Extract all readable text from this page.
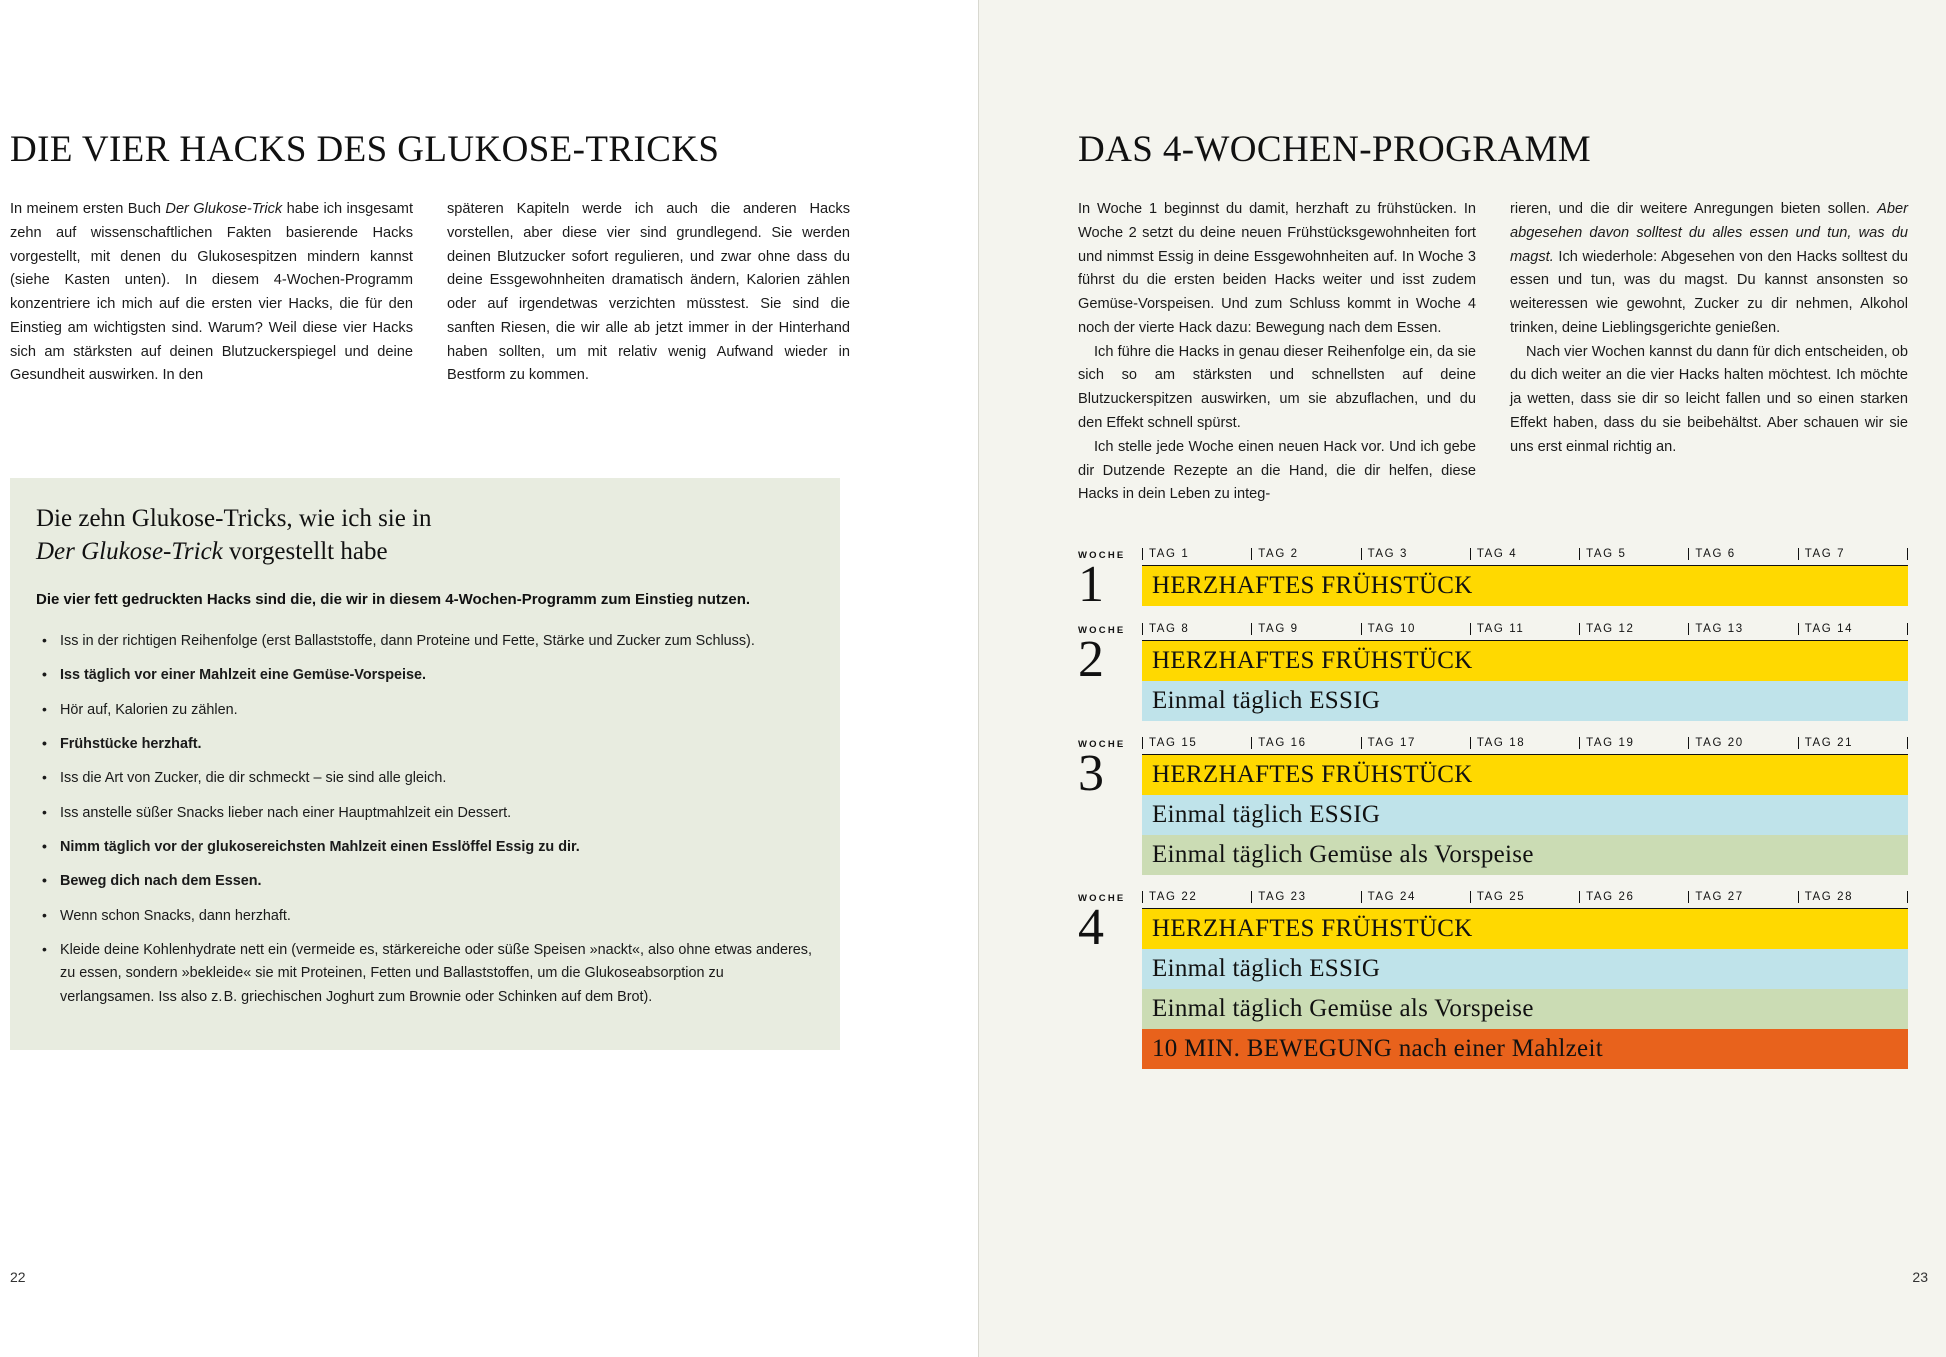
DIE VIER HACKS DES GLUKOSE-TRICKS

In meinem ersten Buch Der Glukose-Trick habe ich insgesamt zehn auf wissenschaftlichen Fakten basierende Hacks vorgestellt, mit denen du Glukosespitzen mindern kannst (siehe Kasten unten). In diesem 4-Wochen-Programm konzentriere ich mich auf die ersten vier Hacks, die für den Einstieg am wichtigsten sind. Warum? Weil diese vier Hacks sich am stärksten auf deinen Blutzuckerspiegel und deine Gesundheit auswirken. In den

späteren Kapiteln werde ich auch die anderen Hacks vorstellen, aber diese vier sind grundlegend. Sie werden deinen Blutzucker sofort regulieren, und zwar ohne dass du deine Essgewohnheiten dramatisch ändern, Kalorien zählen oder auf irgendetwas verzichten müsstest. Sie sind die sanften Riesen, die wir alle ab jetzt immer in der Hinterhand haben sollten, um mit relativ wenig Aufwand wieder in Bestform zu kommen.

Die zehn Glukose-Tricks, wie ich sie in
Der Glukose-Trick vorgestellt habe

Die vier fett gedruckten Hacks sind die, die wir in diesem 4-Wochen-Programm zum Einstieg nutzen.

• Iss in der richtigen Reihenfolge (erst Ballaststoffe, dann Proteine und Fette, Stärke und Zucker zum Schluss).
• Iss täglich vor einer Mahlzeit eine Gemüse-Vorspeise.
• Hör auf, Kalorien zu zählen.
• Frühstücke herzhaft.
• Iss die Art von Zucker, die dir schmeckt – sie sind alle gleich.
• Iss anstelle süßer Snacks lieber nach einer Hauptmahlzeit ein Dessert.
• Nimm täglich vor der glukosereichsten Mahlzeit einen Esslöffel Essig zu dir.
• Beweg dich nach dem Essen.
• Wenn schon Snacks, dann herzhaft.
• Kleide deine Kohlenhydrate nett ein (vermeide es, stärkereiche oder süße Speisen »nackt«, also ohne etwas anderes, zu essen, sondern »bekleide« sie mit Proteinen, Fetten und Ballaststoffen, um die Glukoseabsorption zu verlangsamen. Iss also z. B. griechischen Joghurt zum Brownie oder Schinken auf dem Brot).
22
DAS 4-WOCHEN-PROGRAMM

In Woche 1 beginnst du damit, herzhaft zu frühstücken. In Woche 2 setzt du deine neuen Frühstücksgewohnheiten fort und nimmst Essig in deine Essgewohnheiten auf. In Woche 3 führst du die ersten beiden Hacks weiter und isst zudem Gemüse-Vorspeisen. Und zum Schluss kommt in Woche 4 noch der vierte Hack dazu: Bewegung nach dem Essen.

Ich führe die Hacks in genau dieser Reihenfolge ein, da sie sich so am stärksten und schnellsten auf deine Blutzuckerspitzen auswirken, um sie abzuflachen, und du den Effekt schnell spürst.

Ich stelle jede Woche einen neuen Hack vor. Und ich gebe dir Dutzende Rezepte an die Hand, die dir helfen, diese Hacks in dein Leben zu integ-

rieren, und die dir weitere Anregungen bieten sollen. Aber abgesehen davon solltest du alles essen und tun, was du magst. Ich wiederhole: Abgesehen von den Hacks solltest du essen und tun, was du magst. Du kannst ansonsten so weiteressen wie gewohnt, Zucker zu dir nehmen, Alkohol trinken, deine Lieblingsgerichte genießen.

Nach vier Wochen kannst du dann für dich entscheiden, ob du dich weiter an die vier Hacks halten möchtest. Ich möchte ja wetten, dass sie dir so leicht fallen und so einen starken Effekt haben, dass du sie beibehältst. Aber schauen wir sie uns erst einmal richtig an.

WOCHE
1
TAG 1	TAG 2	TAG 3	TAG 4	TAG 5	TAG 6	TAG 7
HERZHAFTES FRÜHSTÜCK
WOCHE
2
TAG 8	TAG 9	TAG 10	TAG 11	TAG 12	TAG 13	TAG 14
HERZHAFTES FRÜHSTÜCK
Einmal täglich ESSIG
WOCHE
3
TAG 15	TAG 16	TAG 17	TAG 18	TAG 19	TAG 20	TAG 21
HERZHAFTES FRÜHSTÜCK
Einmal täglich ESSIG
Einmal täglich Gemüse als Vorspeise
WOCHE
4
TAG 22	TAG 23	TAG 24	TAG 25	TAG 26	TAG 27	TAG 28
HERZHAFTES FRÜHSTÜCK
Einmal täglich ESSIG
Einmal täglich Gemüse als Vorspeise
10 MIN. BEWEGUNG nach einer Mahlzeit
23
